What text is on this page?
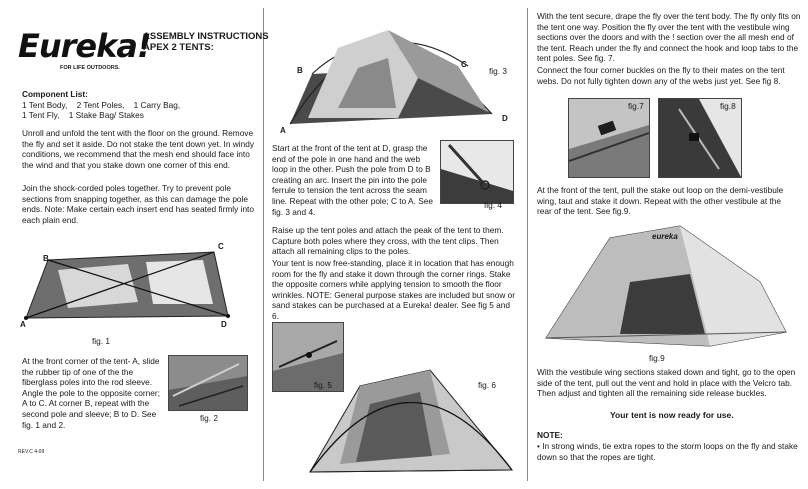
Eureka!
FOR LIFE OUTDOORS.
ASSEMBLY INSTRUCTIONS
APEX 2 TENTS:
Component List:
1 Tent Body,    2 Tent Poles,    1 Carry Bag,
1 Tent Fly,    1 Stake Bag/ Stakes
Unroll and unfold the tent with the floor on the ground. Remove the fly and set it aside. Do not stake the tent down yet. In windy conditions, we recommend that the mesh end should face into the wind and that you stake down one corner of this end.
Join the shock-corded poles together. Try to prevent pole sections from snapping together, as this can damage the pole ends. Note: Make certain each insert end has seated firmly into each plain end.
A
B
C
D
fig. 1
At the front corner of the tent- A, slide the rubber tip of one of the the fiberglass poles into the rod sleeve. Angle the pole to the opposite corner; A to C. At corner B, repeat with the second pole and sleeve; B to D. See fig. 1 and 2.
fig. 2
REV.C 4-09
A
B
C
D
fig. 3
Start at the front of the tent at D, grasp the end of the pole in one hand and the web loop in the other. Push the pole from D to B creating an arc. Insert the pin into the pole ferrule to tension the tent across the seam line. Repeat with the other pole; C to A. See fig. 3 and 4.
fig. 4
Raise up the tent poles and attach the peak of the tent to them. Capture both poles where they cross, with the tent clips. Then attach all remaining clips to the poles.
Your tent is now free-standing, place it in location that has enough room for the fly and stake it down through the corner rings. Stake the opposite corners while applying tension to smooth the floor wrinkles. NOTE: General purpose stakes are included but snow or sand stakes can be purchased at a Eureka! dealer. See fig 5 and 6.
fig. 5	fig. 6
With the tent secure, drape the fly over the tent body. The fly only fits on the tent one way. Position the fly over the tent with the vestibule wing sections over the doors and with the ! section over the all mesh end of the tent. Reach under the fly and connect the hook and loop tabs to the tent poles. See fig. 7.
Connect the four corner buckles on the fly to their mates on the tent webs. Do not fully tighten down any of the webs just yet. See fig 8.
fig.7	fig.8
At the front of the tent, pull the stake out loop on the demi-vestibule wing, taut and stake it down. Repeat with the other vestibule at the rear of the tent. See fig.9.
eureka
fig.9
With the vestibule wing sections staked down and tight, go to the open side of the tent, pull out the vent and hold in place with the Velcro tab. Then adjust and tighten all the remaining side release buckles.
Your tent is now ready for use.
NOTE:
• In strong winds, tie extra ropes to the storm loops on the fly and stake down so that the ropes are tight.
